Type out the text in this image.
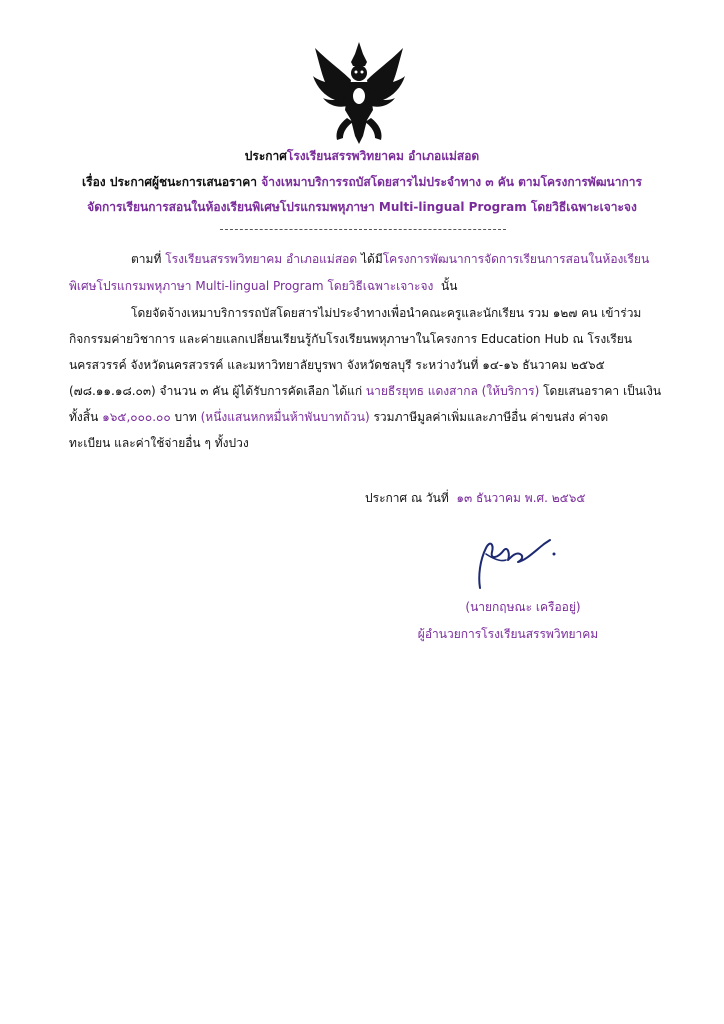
ประกาศโรงเรียนสรรพวิทยาคม อำเภอแม่สอด
เรื่อง ประกาศผู้ชนะการเสนอราคา จ้างเหมาบริการรถบัสโดยสารไม่ประจำทาง ๓ คัน ตามโครงการพัฒนาการ
จัดการเรียนการสอนในห้องเรียนพิเศษโปรแกรมพหุภาษา Multi-lingual Program โดยวิธีเฉพาะเจาะจง
ตามที่ โรงเรียนสรรพวิทยาคม อำเภอแม่สอด ได้มีโครงการพัฒนาการจัดการเรียนการสอนในห้องเรียน
พิเศษโปรแกรมพหุภาษา Multi-lingual Program โดยวิธีเฉพาะเจาะจง นั้น
โดยจัดจ้างเหมาบริการรถบัสโดยสารไม่ประจำทางเพื่อนำคณะครูและนักเรียน รวม ๑๒๗ คน เข้าร่วม
กิจกรรมค่ายวิชาการ และค่ายแลกเปลี่ยนเรียนรู้กับโรงเรียนพหุภาษาในโครงการ Education Hub ณ โรงเรียน
นครสวรรค์ จังหวัดนครสวรรค์ และมหาวิทยาลัยบูรพา จังหวัดชลบุรี ระหว่างวันที่ ๑๔-๑๖ ธันวาคม ๒๕๖๕
(๗๘.๑๑.๑๘.๐๓) จำนวน ๓ คัน ผู้ได้รับการคัดเลือก ได้แก่ นายธีรยุทธ แดงสากล (ให้บริการ) โดยเสนอราคา เป็นเงิน
ทั้งสิ้น ๑๖๕,๐๐๐.๐๐ บาท (หนึ่งแสนหกหมื่นห้าพันบาทถ้วน) รวมภาษีมูลค่าเพิ่มและภาษีอื่น ค่าขนส่ง ค่าจด
ทะเบียน และค่าใช้จ่ายอื่น ๆ ทั้งปวง
ประกาศ ณ วันที่ ๑๓ ธันวาคม พ.ศ. ๒๕๖๕
(นายกฤษณะ เครืออยู่)
ผู้อำนวยการโรงเรียนสรรพวิทยาคม
